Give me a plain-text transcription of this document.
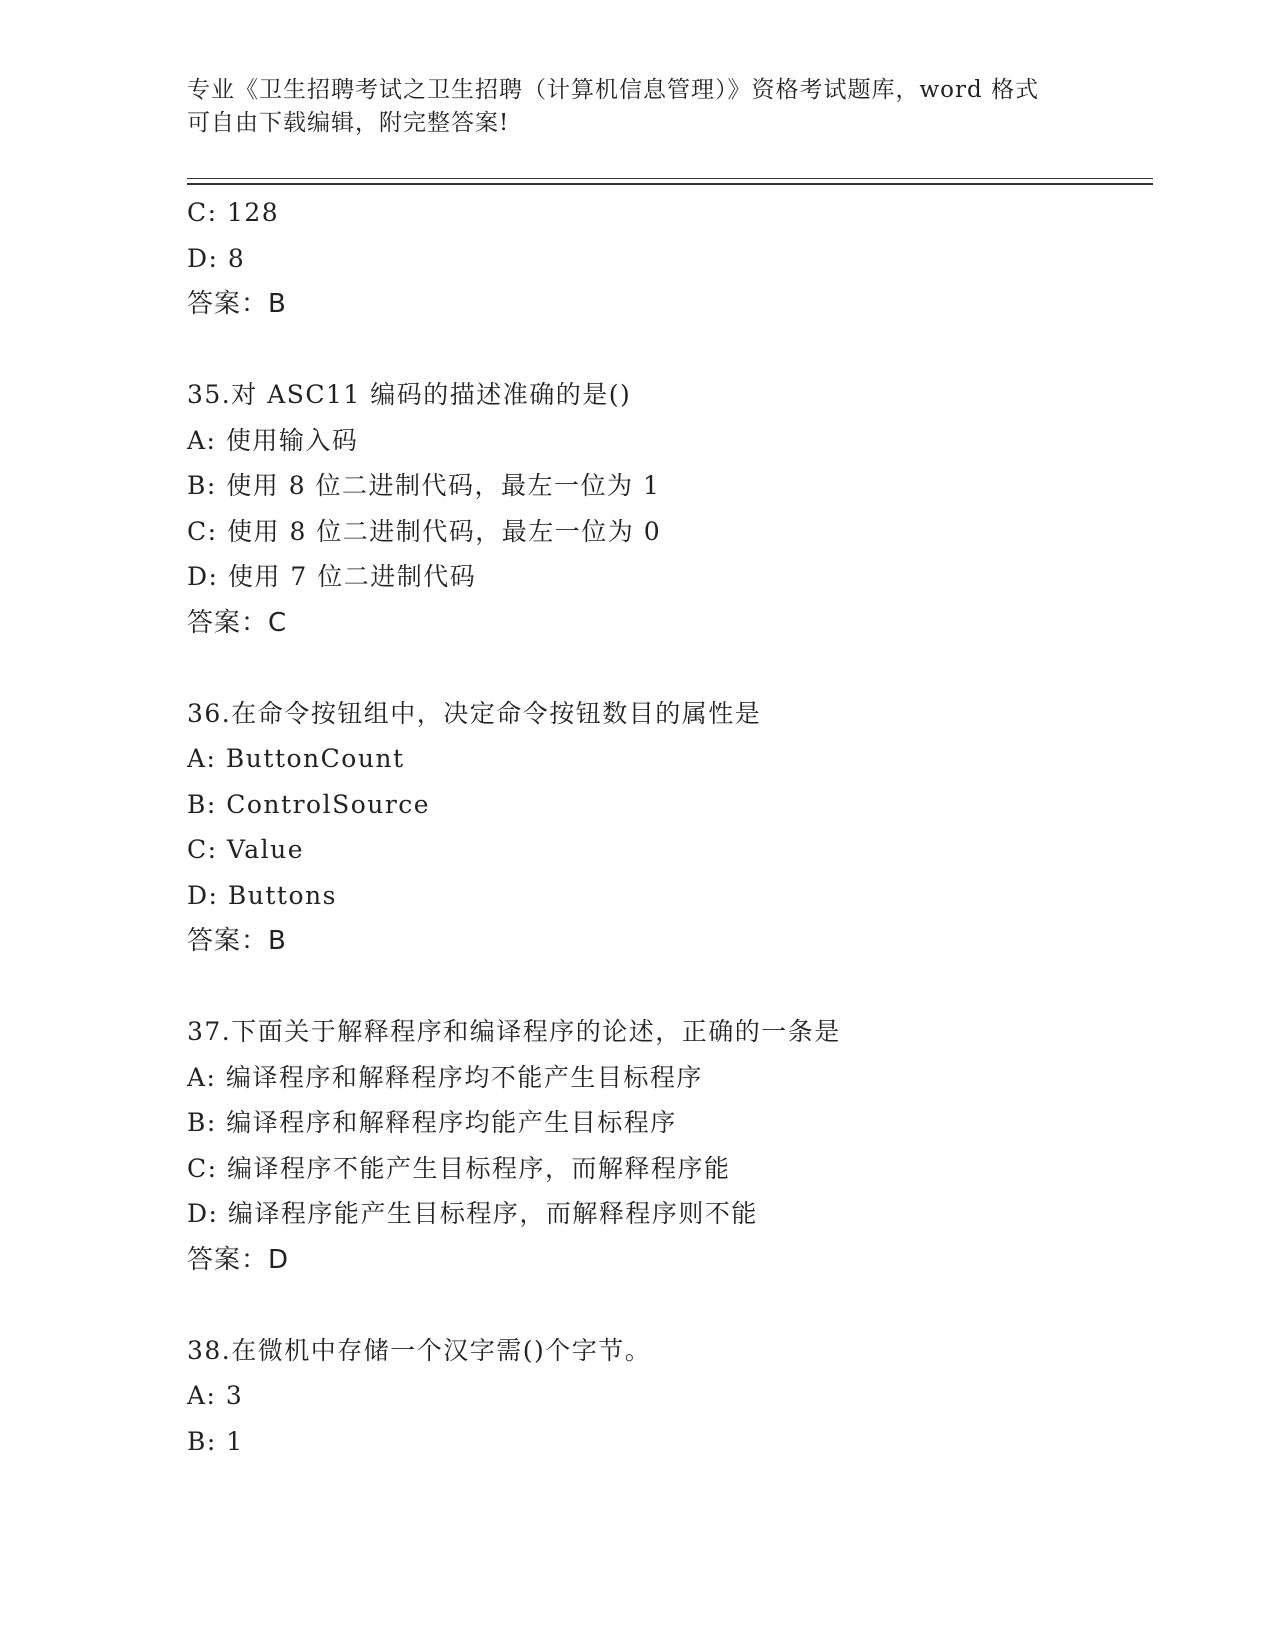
专业《卫生招聘考试之卫生招聘（计算机信息管理）》资格考试题库，word 格式
可自由下载编辑，附完整答案!
C: 128
D: 8
答案：B
35.对 ASC11 编码的描述准确的是()
A: 使用输入码
B: 使用 8 位二进制代码，最左一位为 1
C: 使用 8 位二进制代码，最左一位为 0
D: 使用 7 位二进制代码
答案：C
36.在命令按钮组中，决定命令按钮数目的属性是
A: ButtonCount
B: ControlSource
C: Value
D: Buttons
答案：B
37.下面关于解释程序和编译程序的论述，正确的一条是
A: 编译程序和解释程序均不能产生目标程序
B: 编译程序和解释程序均能产生目标程序
C: 编译程序不能产生目标程序，而解释程序能
D: 编译程序能产生目标程序，而解释程序则不能
答案：D
38.在微机中存储一个汉字需()个字节。
A: 3
B: 1
